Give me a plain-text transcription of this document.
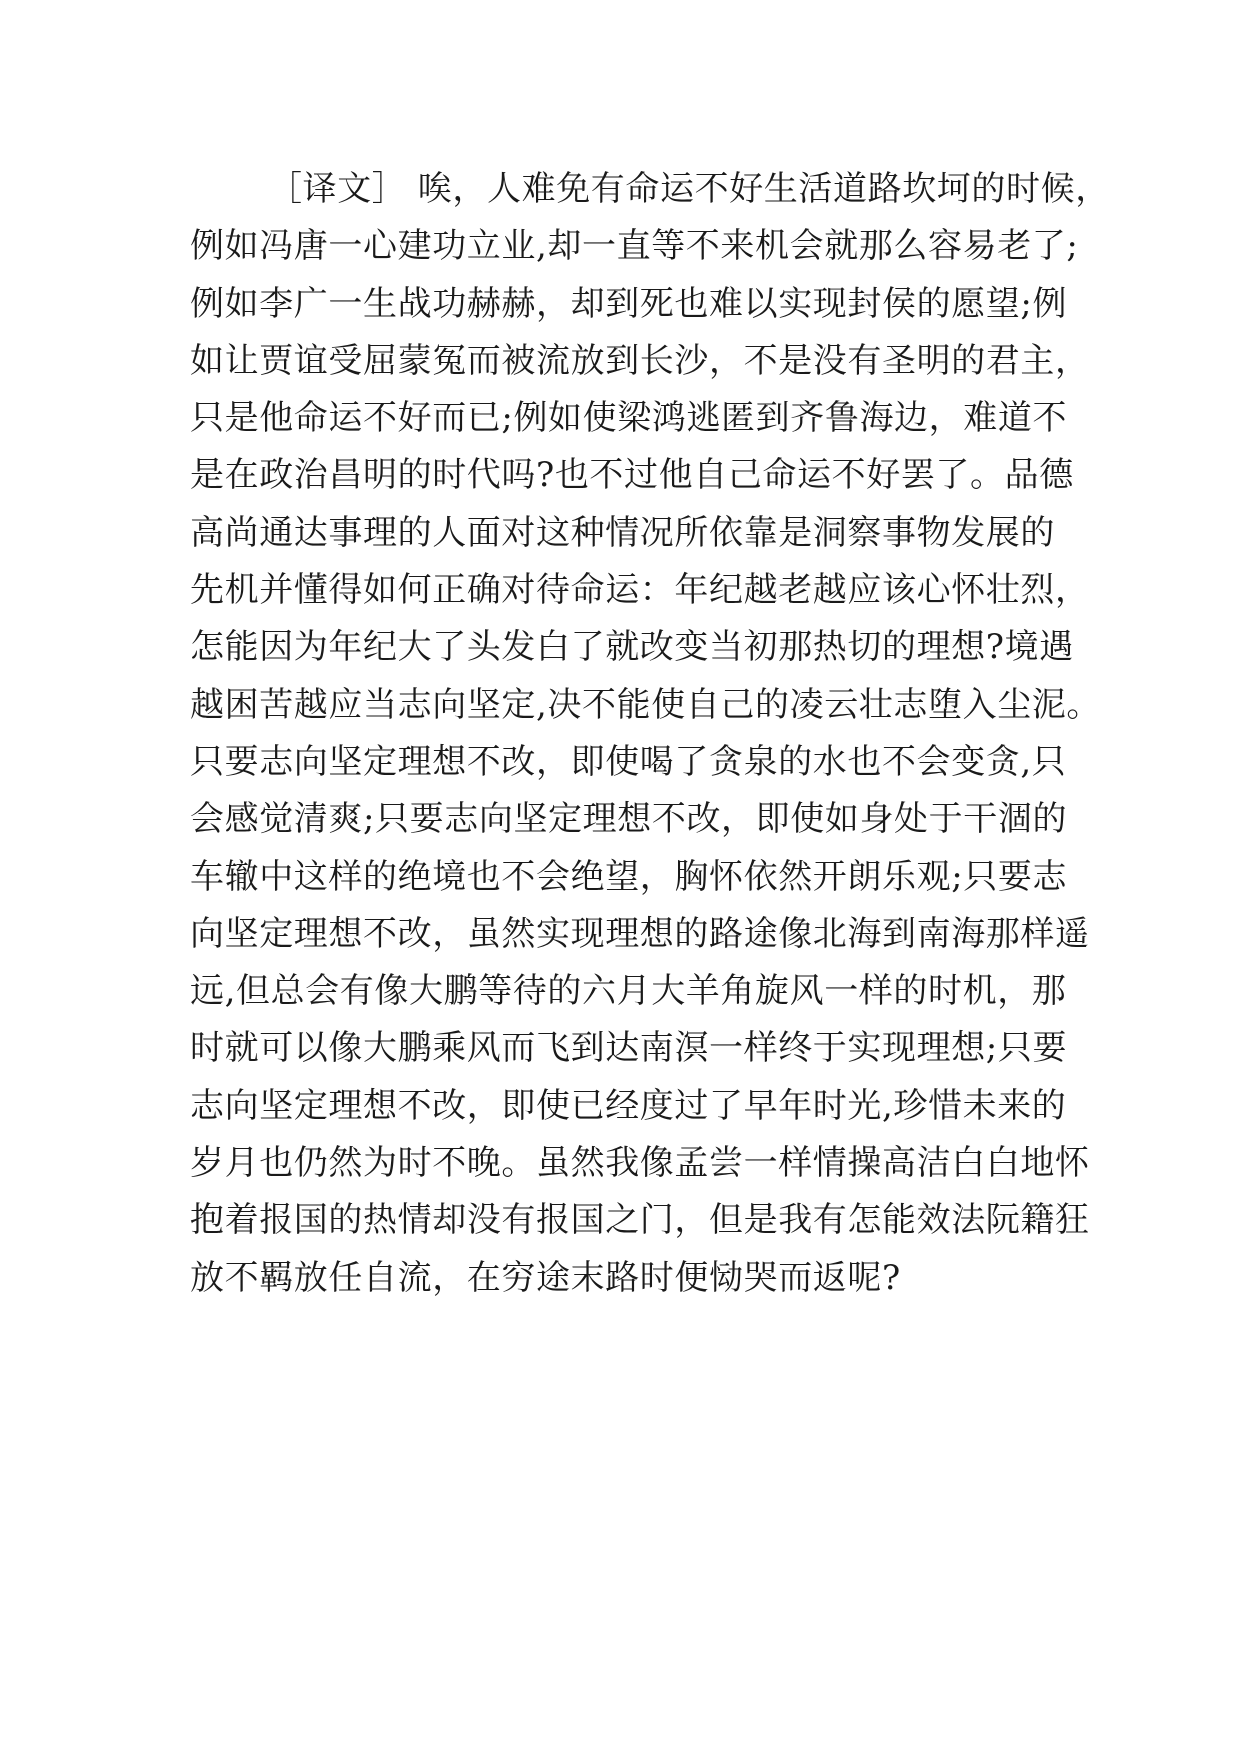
［译文］ 唉，人难免有命运不好生活道路坎坷的时候，
例如冯唐一心建功立业,却一直等不来机会就那么容易老了;
例如李广一生战功赫赫，却到死也难以实现封侯的愿望;例
如让贾谊受屈蒙冤而被流放到长沙，不是没有圣明的君主，
只是他命运不好而已;例如使梁鸿逃匿到齐鲁海边，难道不
是在政治昌明的时代吗?也不过他自己命运不好罢了。品德
高尚通达事理的人面对这种情况所依靠是洞察事物发展的
先机并懂得如何正确对待命运：年纪越老越应该心怀壮烈，
怎能因为年纪大了头发白了就改变当初那热切的理想?境遇
越困苦越应当志向坚定,决不能使自己的凌云壮志堕入尘泥。
只要志向坚定理想不改，即使喝了贪泉的水也不会变贪,只
会感觉清爽;只要志向坚定理想不改，即使如身处于干涸的
车辙中这样的绝境也不会绝望，胸怀依然开朗乐观;只要志
向坚定理想不改，虽然实现理想的路途像北海到南海那样遥
远,但总会有像大鹏等待的六月大羊角旋风一样的时机，那
时就可以像大鹏乘风而飞到达南溟一样终于实现理想;只要
志向坚定理想不改，即使已经度过了早年时光,珍惜未来的
岁月也仍然为时不晚。虽然我像孟尝一样情操高洁白白地怀
抱着报国的热情却没有报国之门，但是我有怎能效法阮籍狂
放不羁放任自流，在穷途末路时便恸哭而返呢?
